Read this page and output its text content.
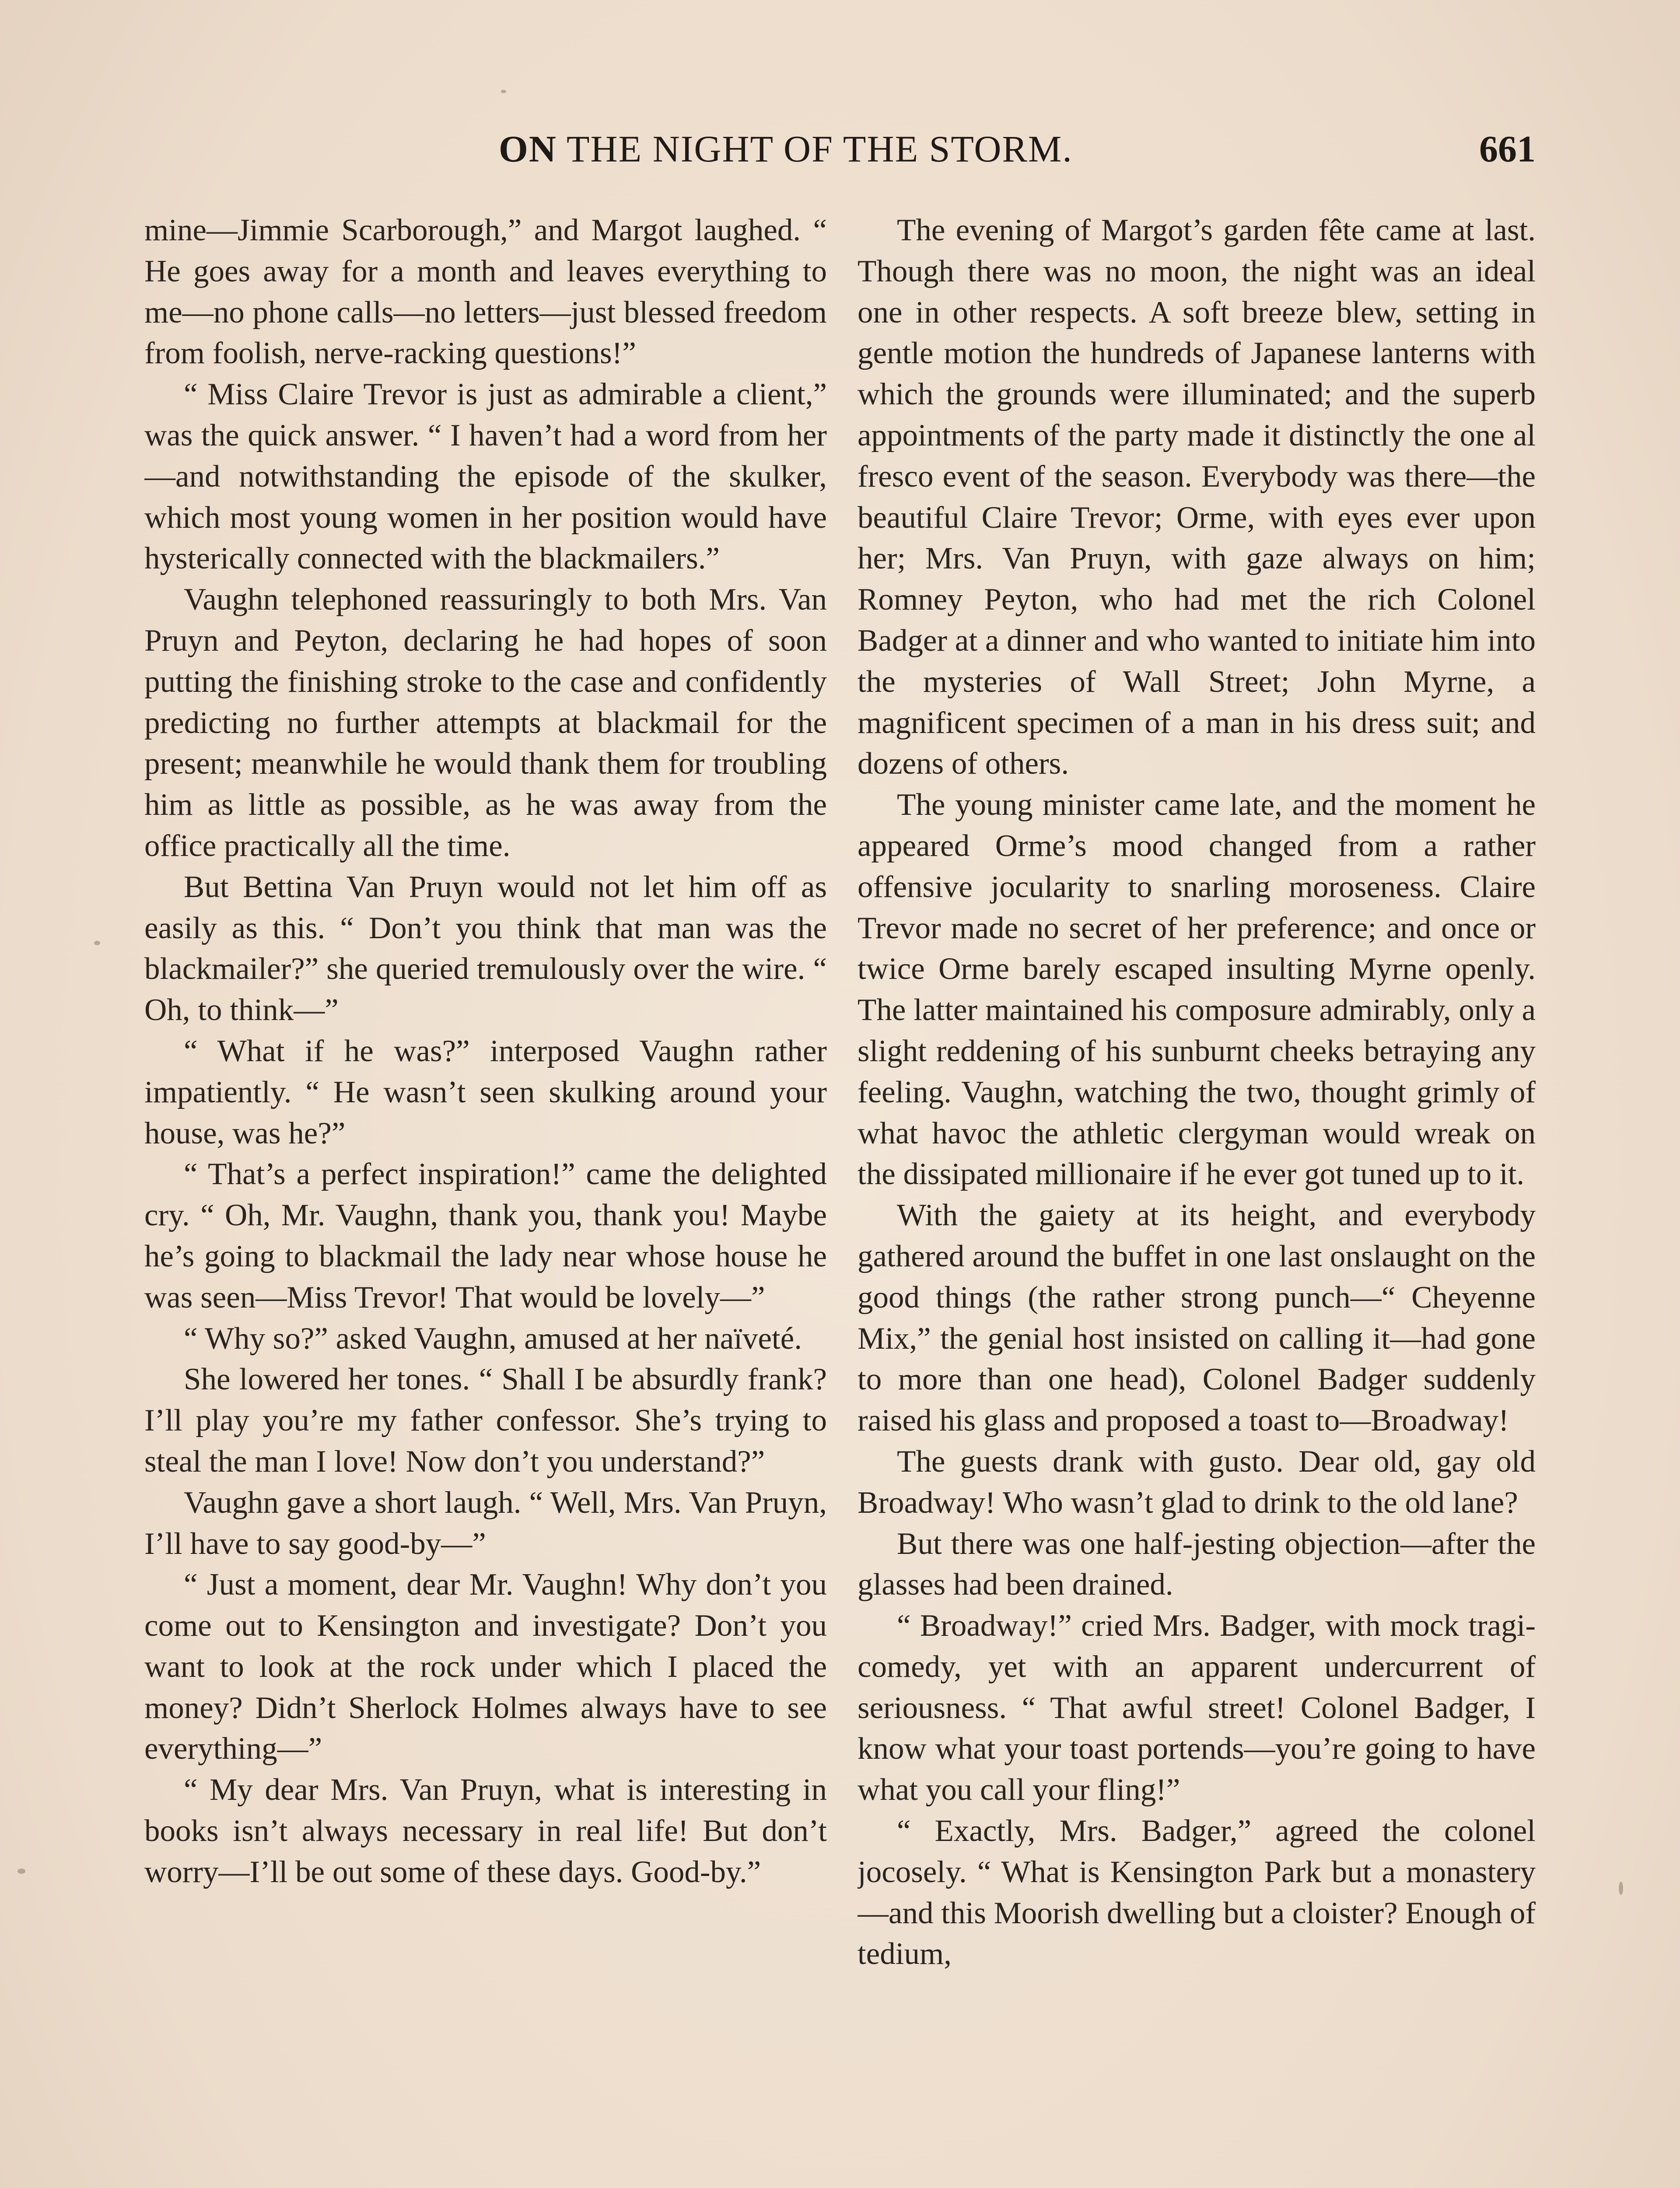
ON THE NIGHT OF THE STORM.	661

mine—Jimmie Scarborough,” and Margot laughed. “ He goes away for a month and leaves everything to me—no phone calls—no letters—just blessed freedom from foolish, nerve-racking questions!”

“ Miss Claire Trevor is just as admirable a client,” was the quick answer. “ I haven’t had a word from her—and notwithstanding the episode of the skulker, which most young women in her position would have hysterically connected with the blackmailers.”

Vaughn telephoned reassuringly to both Mrs. Van Pruyn and Peyton, declaring he had hopes of soon putting the finishing stroke to the case and confidently predicting no further attempts at blackmail for the present; meanwhile he would thank them for troubling him as little as possible, as he was away from the office practically all the time.

But Bettina Van Pruyn would not let him off as easily as this. “ Don’t you think that man was the blackmailer?” she queried tremulously over the wire. “ Oh, to think—”

“ What if he was?” interposed Vaughn rather impatiently. “ He wasn’t seen skulking around your house, was he?”

“ That’s a perfect inspiration!” came the delighted cry. “ Oh, Mr. Vaughn, thank you, thank you! Maybe he’s going to blackmail the lady near whose house he was seen—Miss Trevor! That would be lovely—”

“ Why so?” asked Vaughn, amused at her naïveté.

She lowered her tones. “ Shall I be absurdly frank? I’ll play you’re my father confessor. She’s trying to steal the man I love! Now don’t you understand?”

Vaughn gave a short laugh. “ Well, Mrs. Van Pruyn, I’ll have to say good-by—”

“ Just a moment, dear Mr. Vaughn! Why don’t you come out to Kensington and investigate? Don’t you want to look at the rock under which I placed the money? Didn’t Sherlock Holmes always have to see everything—”

“ My dear Mrs. Van Pruyn, what is interesting in books isn’t always necessary in real life! But don’t worry—I’ll be out some of these days. Good-by.”

The evening of Margot’s garden fête came at last. Though there was no moon, the night was an ideal one in other respects. A soft breeze blew, setting in gentle motion the hundreds of Japanese lanterns with which the grounds were illuminated; and the superb appointments of the party made it distinctly the one al fresco event of the season. Everybody was there—the beautiful Claire Trevor; Orme, with eyes ever upon her; Mrs. Van Pruyn, with gaze always on him; Romney Peyton, who had met the rich Colonel Badger at a dinner and who wanted to initiate him into the mysteries of Wall Street; John Myrne, a magnificent specimen of a man in his dress suit; and dozens of others.

The young minister came late, and the moment he appeared Orme’s mood changed from a rather offensive jocularity to snarling moroseness. Claire Trevor made no secret of her preference; and once or twice Orme barely escaped insulting Myrne openly. The latter maintained his composure admirably, only a slight reddening of his sunburnt cheeks betraying any feeling. Vaughn, watching the two, thought grimly of what havoc the athletic clergyman would wreak on the dissipated millionaire if he ever got tuned up to it.

With the gaiety at its height, and everybody gathered around the buffet in one last onslaught on the good things (the rather strong punch—“ Cheyenne Mix,” the genial host insisted on calling it—had gone to more than one head), Colonel Badger suddenly raised his glass and proposed a toast to—Broadway!

The guests drank with gusto. Dear old, gay old Broadway! Who wasn’t glad to drink to the old lane?

But there was one half-jesting objection—after the glasses had been drained.

“ Broadway!” cried Mrs. Badger, with mock tragi-comedy, yet with an apparent undercurrent of seriousness. “ That awful street! Colonel Badger, I know what your toast portends—you’re going to have what you call your fling!”

“ Exactly, Mrs. Badger,” agreed the colonel jocosely. “ What is Kensington Park but a monastery—and this Moorish dwelling but a cloister? Enough of tedium,
